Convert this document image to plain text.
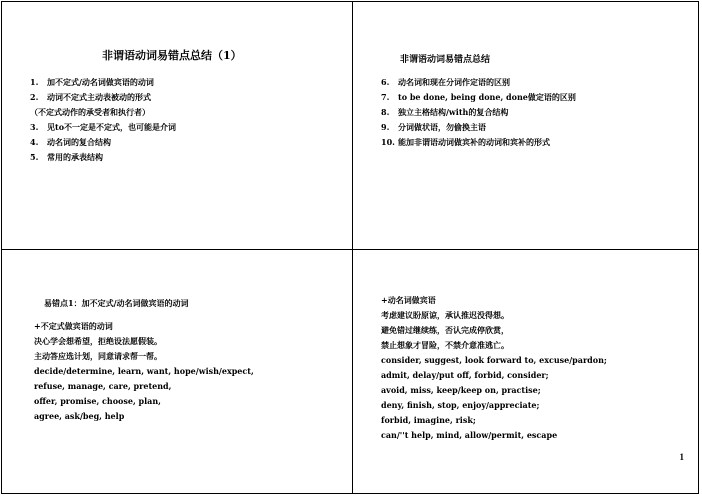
非谓语动词易错点总结（1）
1. 加不定式/动名词做宾语的动词
2. 动词不定式主动表被动的形式
（不定式动作的承受者和执行者）
3. 见to不一定是不定式，也可能是介词
4. 动名词的复合结构
5. 常用的承表结构
非谓语动词易错点总结
6. 动名词和现在分词作定语的区别
7. to be done, being done, done做定语的区别
8. 独立主格结构/with的复合结构
9. 分词做状语，勿偷换主语
10. 能加非谓语动词做宾补的动词和宾补的形式
易错点1：加不定式/动名词做宾语的动词
+不定式做宾语的动词
决心学会想希望，拒绝设法愿假装。
主动答应选计划，同意请求帮一帮。
decide/determine, learn, want, hope/wish/expect,
refuse, manage, care, pretend,
offer, promise, choose, plan,
agree, ask/beg, help
+动名词做宾语
考虑建议盼原谅，承认推迟没得想。
避免错过继续练，否认完成停欣赏，
禁止想象才冒险，不禁介意准逃亡。
consider, suggest, look forward to, excuse/pardon;
admit, delay/put off, forbid, consider;
avoid, miss, keep/keep on, practise;
deny, finish, stop, enjoy/appreciate;
forbid, imagine, risk;
can/''t help, mind, allow/permit, escape
1
